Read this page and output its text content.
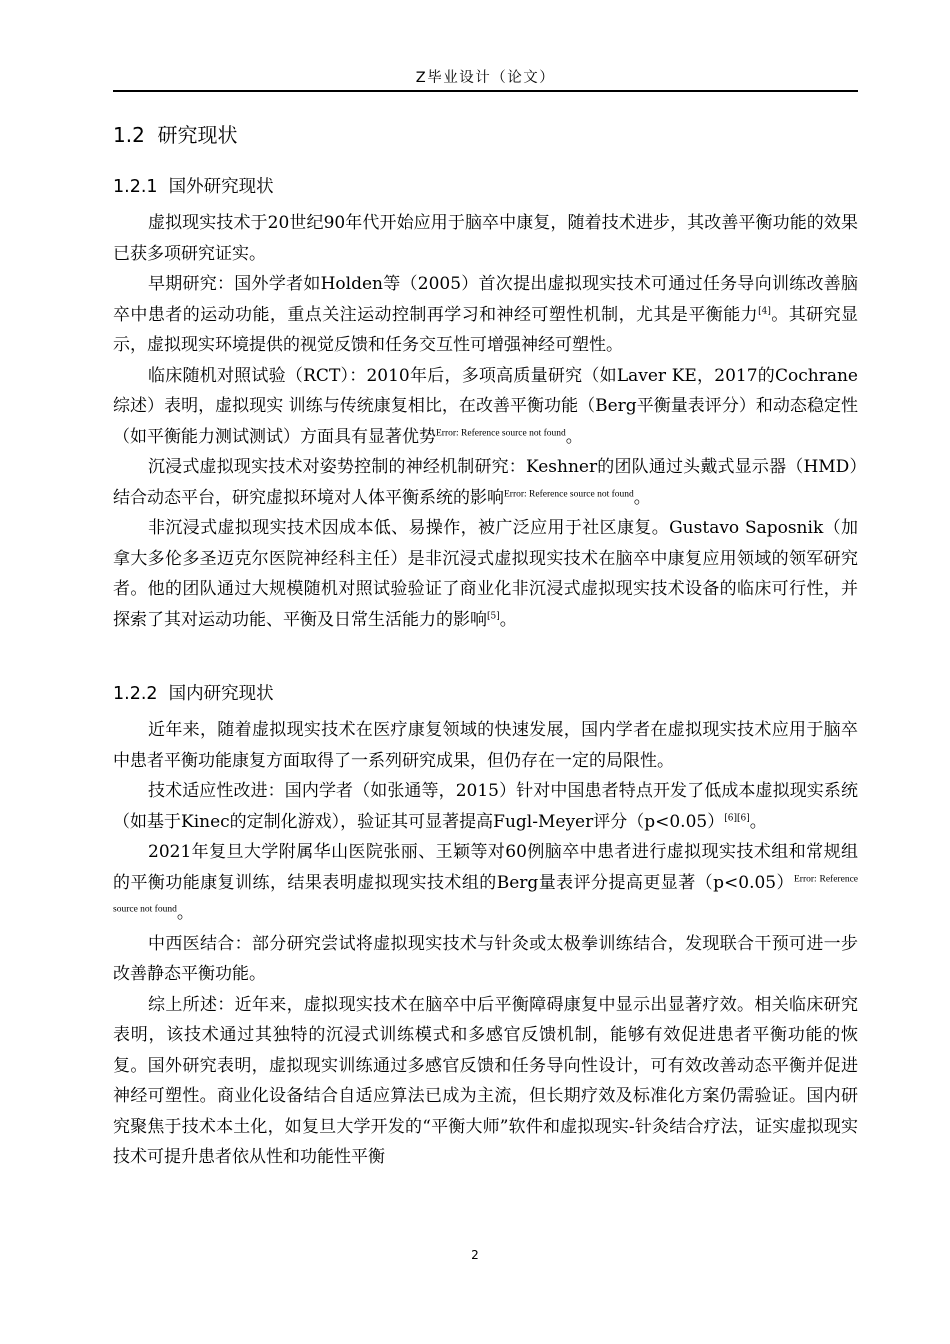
Z毕业设计（论文）
1.2 研究现状
1.2.1 国外研究现状

虚拟现实技术于20世纪90年代开始应用于脑卒中康复，随着技术进步，其改善平衡功能的效果已获多项研究证实。

早期研究：国外学者如Holden等（2005）首次提出虚拟现实技术可通过任务导向训练改善脑卒中患者的运动功能，重点关注运动控制再学习和神经可塑性机制，尤其是平衡能力[4]。其研究显示，虚拟现实环境提供的视觉反馈和任务交互性可增强神经可塑性。

临床随机对照试验（RCT）：2010年后，多项高质量研究（如Laver KE，2017的Cochrane综述）表明，虚拟现实 训练与传统康复相比，在改善平衡功能（Berg平衡量表评分）和动态稳定性（如平衡能力测试测试）方面具有显著优势$^{Error: Reference source not found}$。

沉浸式虚拟现实技术对姿势控制的神经机制研究：Keshner的团队通过头戴式显示器（HMD）结合动态平台，研究虚拟环境对人体平衡系统的影响$^{Error: Reference source not found}$。

非沉浸式虚拟现实技术因成本低、易操作，被广泛应用于社区康复。Gustavo Saposnik（加拿大多伦多圣迈克尔医院神经科主任）是非沉浸式虚拟现实技术在脑卒中康复应用领域的领军研究者。他的团队通过大规模随机对照试验验证了商业化非沉浸式虚拟现实技术设备的临床可行性，并探索了其对运动功能、平衡及日常生活能力的影响[5]。

1.2.2 国内研究现状

近年来，随着虚拟现实技术在医疗康复领域的快速发展，国内学者在虚拟现实技术应用于脑卒中患者平衡功能康复方面取得了一系列研究成果，但仍存在一定的局限性。

技术适应性改进：国内学者（如张通等，2015）针对中国患者特点开发了低成本虚拟现实系统（如基于Kinec的定制化游戏），验证其可显著提高Fugl-Meyer评分（p<0.05）[6][6]。

2021年复旦大学附属华山医院张丽、王颖等对60例脑卒中患者进行虚拟现实技术组和常规组的平衡功能康复训练，结果表明虚拟现实技术组的Berg量表评分提高更显著（p<0.05）$^{Error: Reference source not found}$。

中西医结合：部分研究尝试将虚拟现实技术与针灸或太极拳训练结合，发现联合干预可进一步改善静态平衡功能。

综上所述：近年来，虚拟现实技术在脑卒中后平衡障碍康复中显示出显著疗效。相关临床研究表明，该技术通过其独特的沉浸式训练模式和多感官反馈机制，能够有效促进患者平衡功能的恢复。国外研究表明，虚拟现实训练通过多感官反馈和任务导向性设计，可有效改善动态平衡并促进神经可塑性。商业化设备结合自适应算法已成为主流，但长期疗效及标准化方案仍需验证。国内研究聚焦于技术本土化，如复旦大学开发的“平衡大师”软件和虚拟现实-针灸结合疗法，证实虚拟现实技术可提升患者依从性和功能性平衡

2
